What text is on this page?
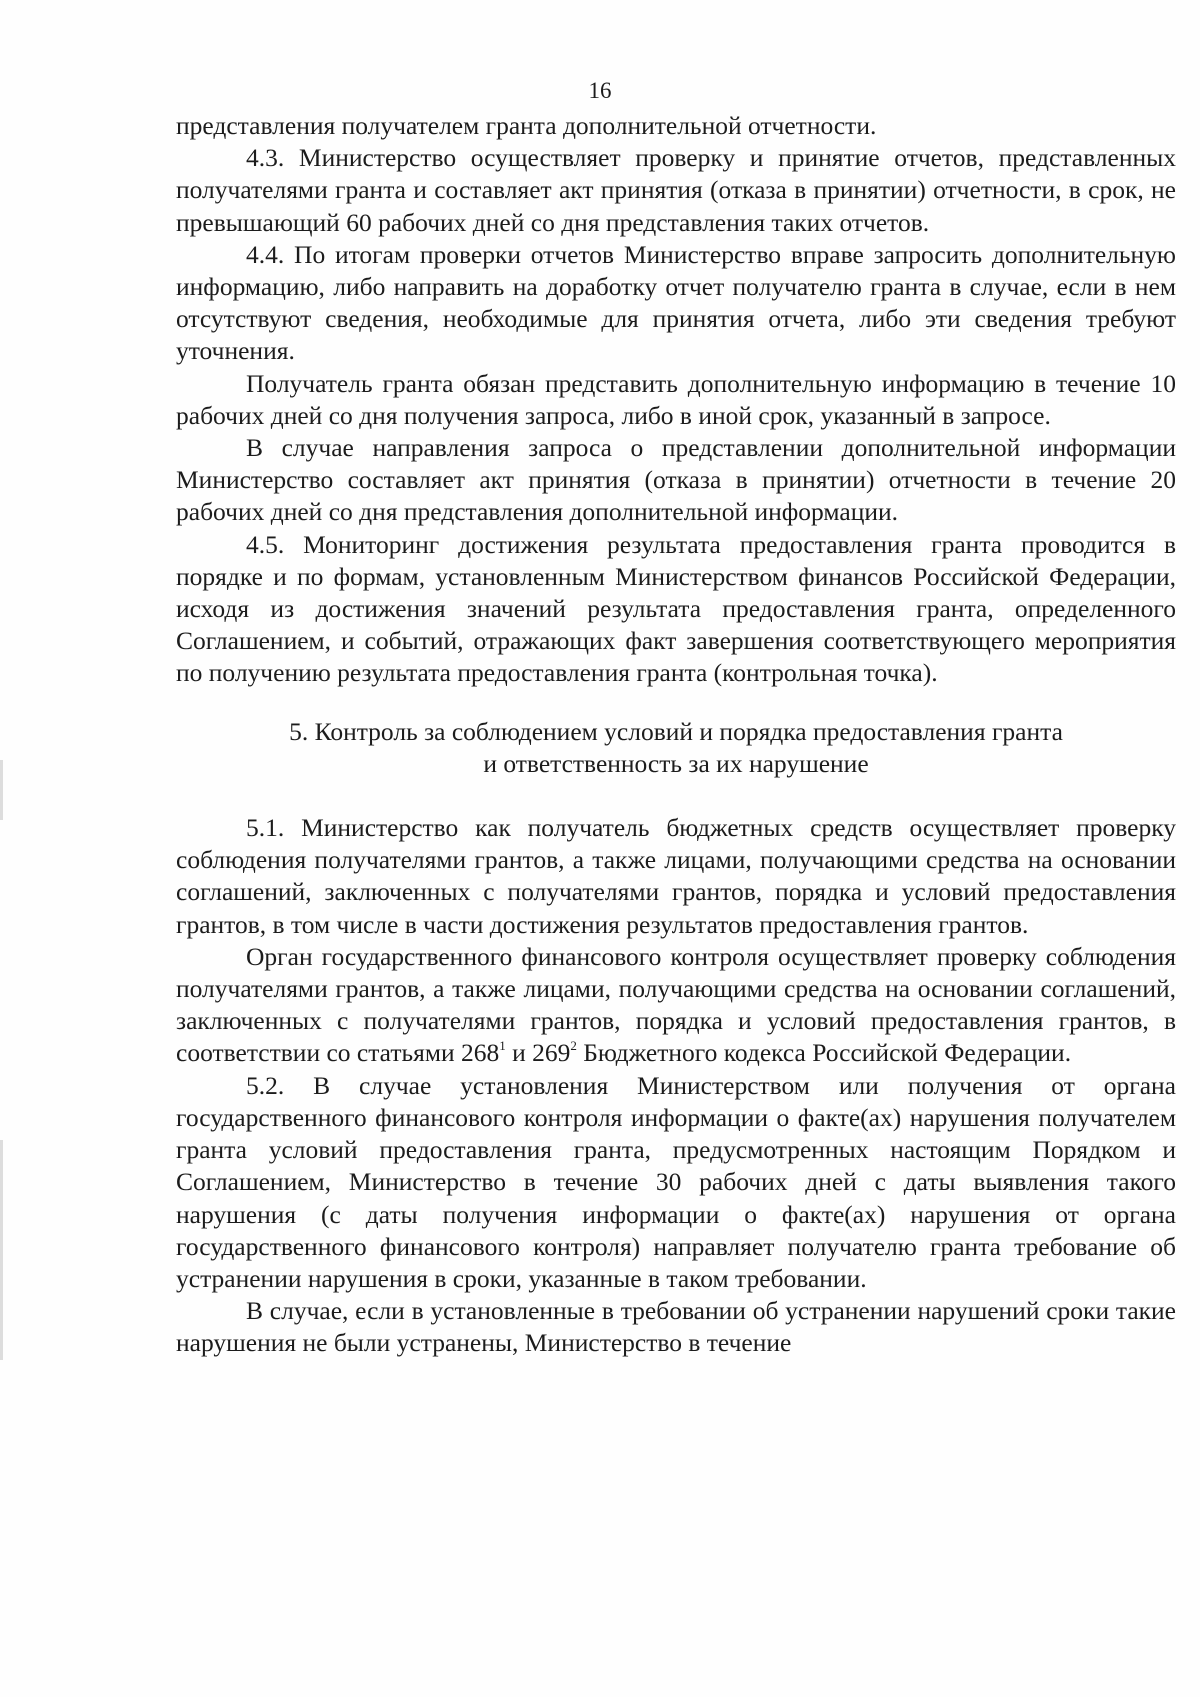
16

представления получателем гранта дополнительной отчетности.

4.3. Министерство осуществляет проверку и принятие отчетов, представленных получателями гранта и составляет акт принятия (отказа в принятии) отчетности, в срок, не превышающий 60 рабочих дней со дня представления таких отчетов.

4.4. По итогам проверки отчетов Министерство вправе запросить дополнительную информацию, либо направить на доработку отчет получателю гранта в случае, если в нем отсутствуют сведения, необходимые для принятия отчета, либо эти сведения требуют уточнения.

Получатель гранта обязан представить дополнительную информацию в течение 10 рабочих дней со дня получения запроса, либо в иной срок, указанный в запросе.

В случае направления запроса о представлении дополнительной информации Министерство составляет акт принятия (отказа в принятии) отчетности в течение 20 рабочих дней со дня представления дополнительной информации.

4.5. Мониторинг достижения результата предоставления гранта проводится в порядке и по формам, установленным Министерством финансов Российской Федерации, исходя из достижения значений результата предоставления гранта, определенного Соглашением, и событий, отражающих факт завершения соответствующего мероприятия по получению результата предоставления гранта (контрольная точка).

5. Контроль за соблюдением условий и порядка предоставления гранта
и ответственность за их нарушение

5.1. Министерство как получатель бюджетных средств осуществляет проверку соблюдения получателями грантов, а также лицами, получающими средства на основании соглашений, заключенных с получателями грантов, порядка и условий предоставления грантов, в том числе в части достижения результатов предоставления грантов.

Орган государственного финансового контроля осуществляет проверку соблюдения получателями грантов, а также лицами, получающими средства на основании соглашений, заключенных с получателями грантов, порядка и условий предоставления грантов, в соответствии со статьями $268^1$ и $269^2$ Бюджетного кодекса Российской Федерации.

5.2. В случае установления Министерством или получения от органа государственного финансового контроля информации о факте(ах) нарушения получателем гранта условий предоставления гранта, предусмотренных настоящим Порядком и Соглашением, Министерство в течение 30 рабочих дней с даты выявления такого нарушения (с даты получения информации о факте(ах) нарушения от органа государственного финансового контроля) направляет получателю гранта требование об устранении нарушения в сроки, указанные в таком требовании.

В случае, если в установленные в требовании об устранении нарушений сроки такие нарушения не были устранены, Министерство в течение
